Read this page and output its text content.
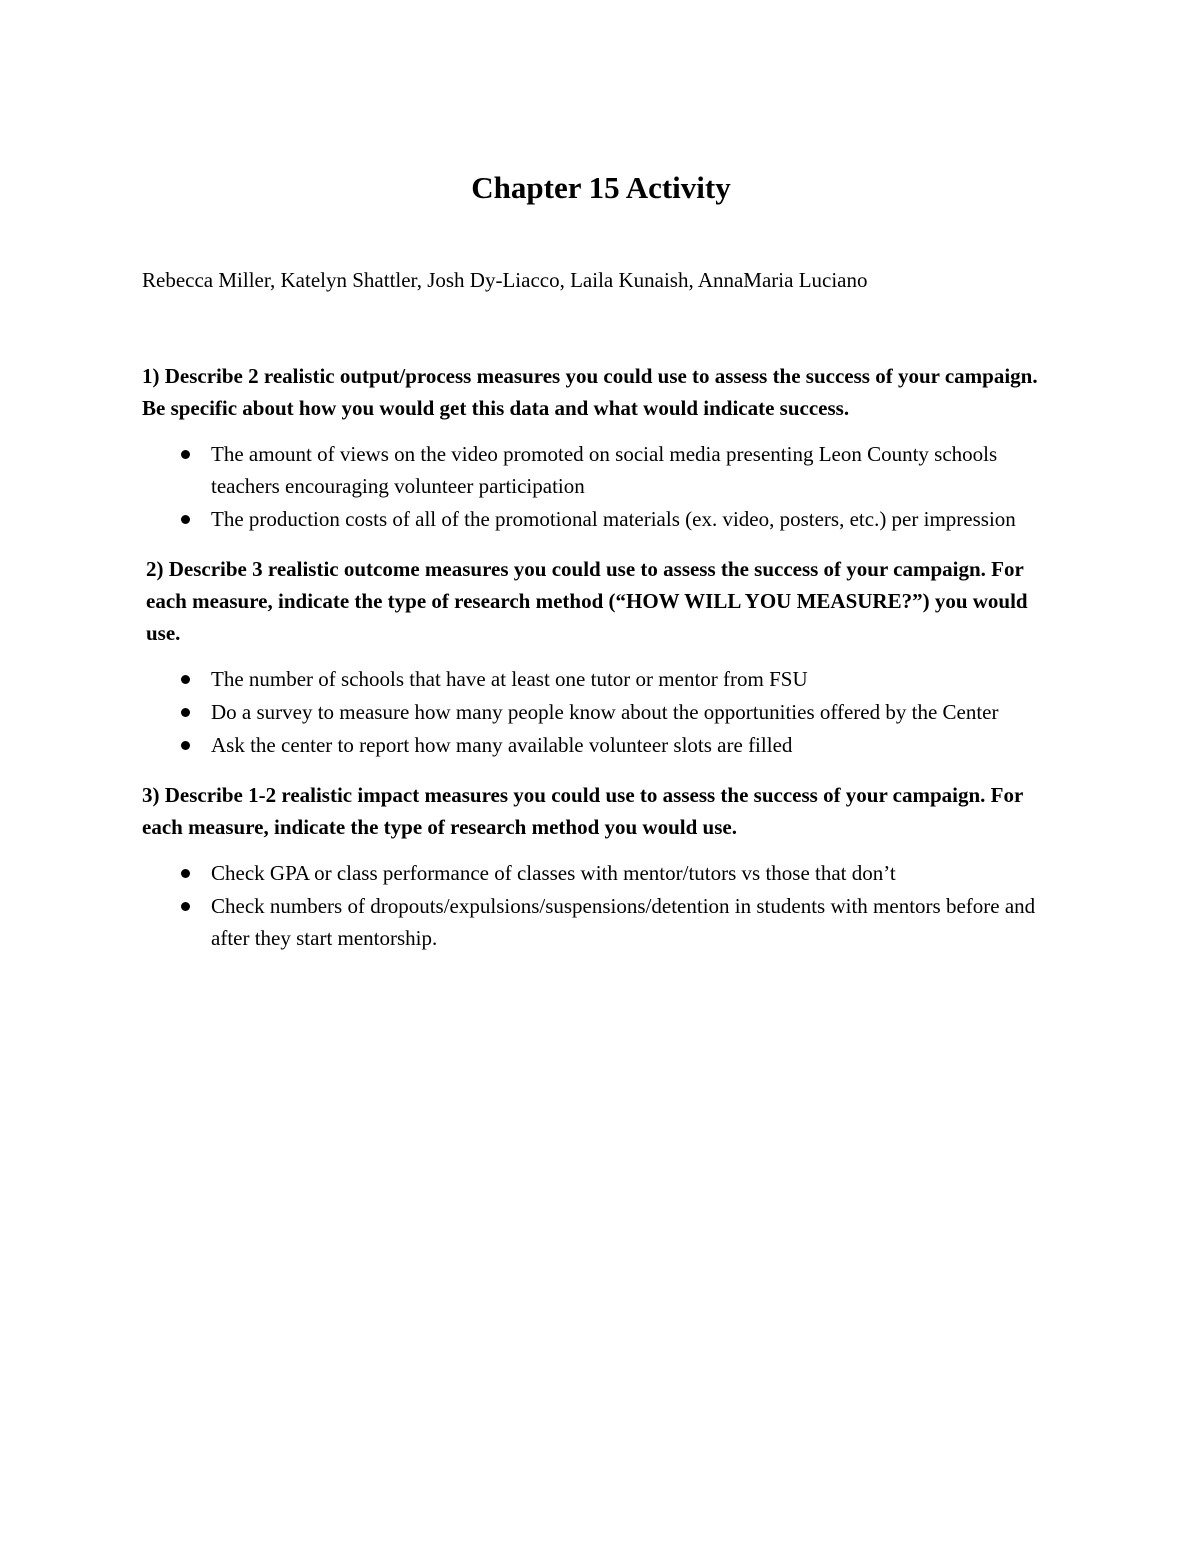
Chapter 15 Activity

Rebecca Miller, Katelyn Shattler, Josh Dy-Liacco, Laila Kunaish, AnnaMaria Luciano

1) Describe 2 realistic output/process measures you could use to assess the success of your campaign. Be specific about how you would get this data and what would indicate success.

The amount of views on the video promoted on social media presenting Leon County schools teachers encouraging volunteer participation
The production costs of all of the promotional materials (ex. video, posters, etc.) per impression

2) Describe 3 realistic outcome measures you could use to assess the success of your campaign. For each measure, indicate the type of research method (“HOW WILL YOU MEASURE?”) you would use.

The number of schools that have at least one tutor or mentor from FSU
Do a survey to measure how many people know about the opportunities offered by the Center
Ask the center to report how many available volunteer slots are filled

3) Describe 1-2 realistic impact measures you could use to assess the success of your campaign. For each measure, indicate the type of research method you would use.

Check GPA or class performance of classes with mentor/tutors vs those that don’t
Check numbers of dropouts/expulsions/suspensions/detention in students with mentors before and after they start mentorship.
